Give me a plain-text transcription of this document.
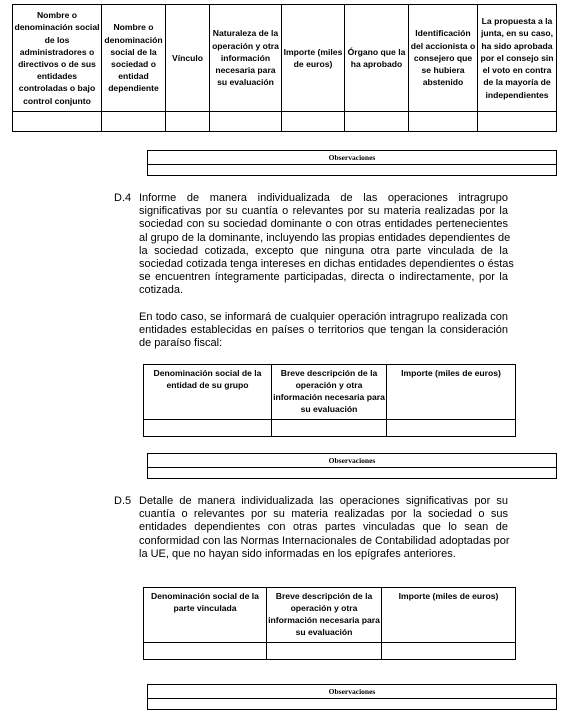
Nombre o denominación social de los administradores o directivos o de sus entidades controladas o bajo control conjunto	Nombre o denominación social de la sociedad o entidad dependiente	Vínculo	Naturaleza de la operación y otra información necesaria para su evaluación	Importe (miles de euros)	Órgano que la ha aprobado	Identificación del accionista o consejero que se hubiera abstenido	La propuesta a la junta, en su caso, ha sido aprobada por el consejo sin el voto en contra de la mayoría de independientes

Observaciones

D.4 Informe de manera individualizada de las operaciones intragrupo
significativas por su cuantía o relevantes por su materia realizadas por la
sociedad con su sociedad dominante o con otras entidades pertenecientes
al grupo de la dominante, incluyendo las propias entidades dependientes de
la sociedad cotizada, excepto que ninguna otra parte vinculada de la
sociedad cotizada tenga intereses en dichas entidades dependientes o éstas
se encuentren íntegramente participadas, directa o indirectamente, por la
cotizada.
En todo caso, se informará de cualquier operación intragrupo realizada con
entidades establecidas en países o territorios que tengan la consideración
de paraíso fiscal:
Denominación social de la entidad de su grupo	Breve descripción de la operación y otra información necesaria para su evaluación	Importe (miles de euros)

Observaciones

D.5 Detalle de manera individualizada las operaciones significativas por su
cuantía o relevantes por su materia realizadas por la sociedad o sus
entidades dependientes con otras partes vinculadas que lo sean de
conformidad con las Normas Internacionales de Contabilidad adoptadas por
la UE, que no hayan sido informadas en los epígrafes anteriores.
Denominación social de la parte vinculada	Breve descripción de la operación y otra información necesaria para su evaluación	Importe (miles de euros)

Observaciones
